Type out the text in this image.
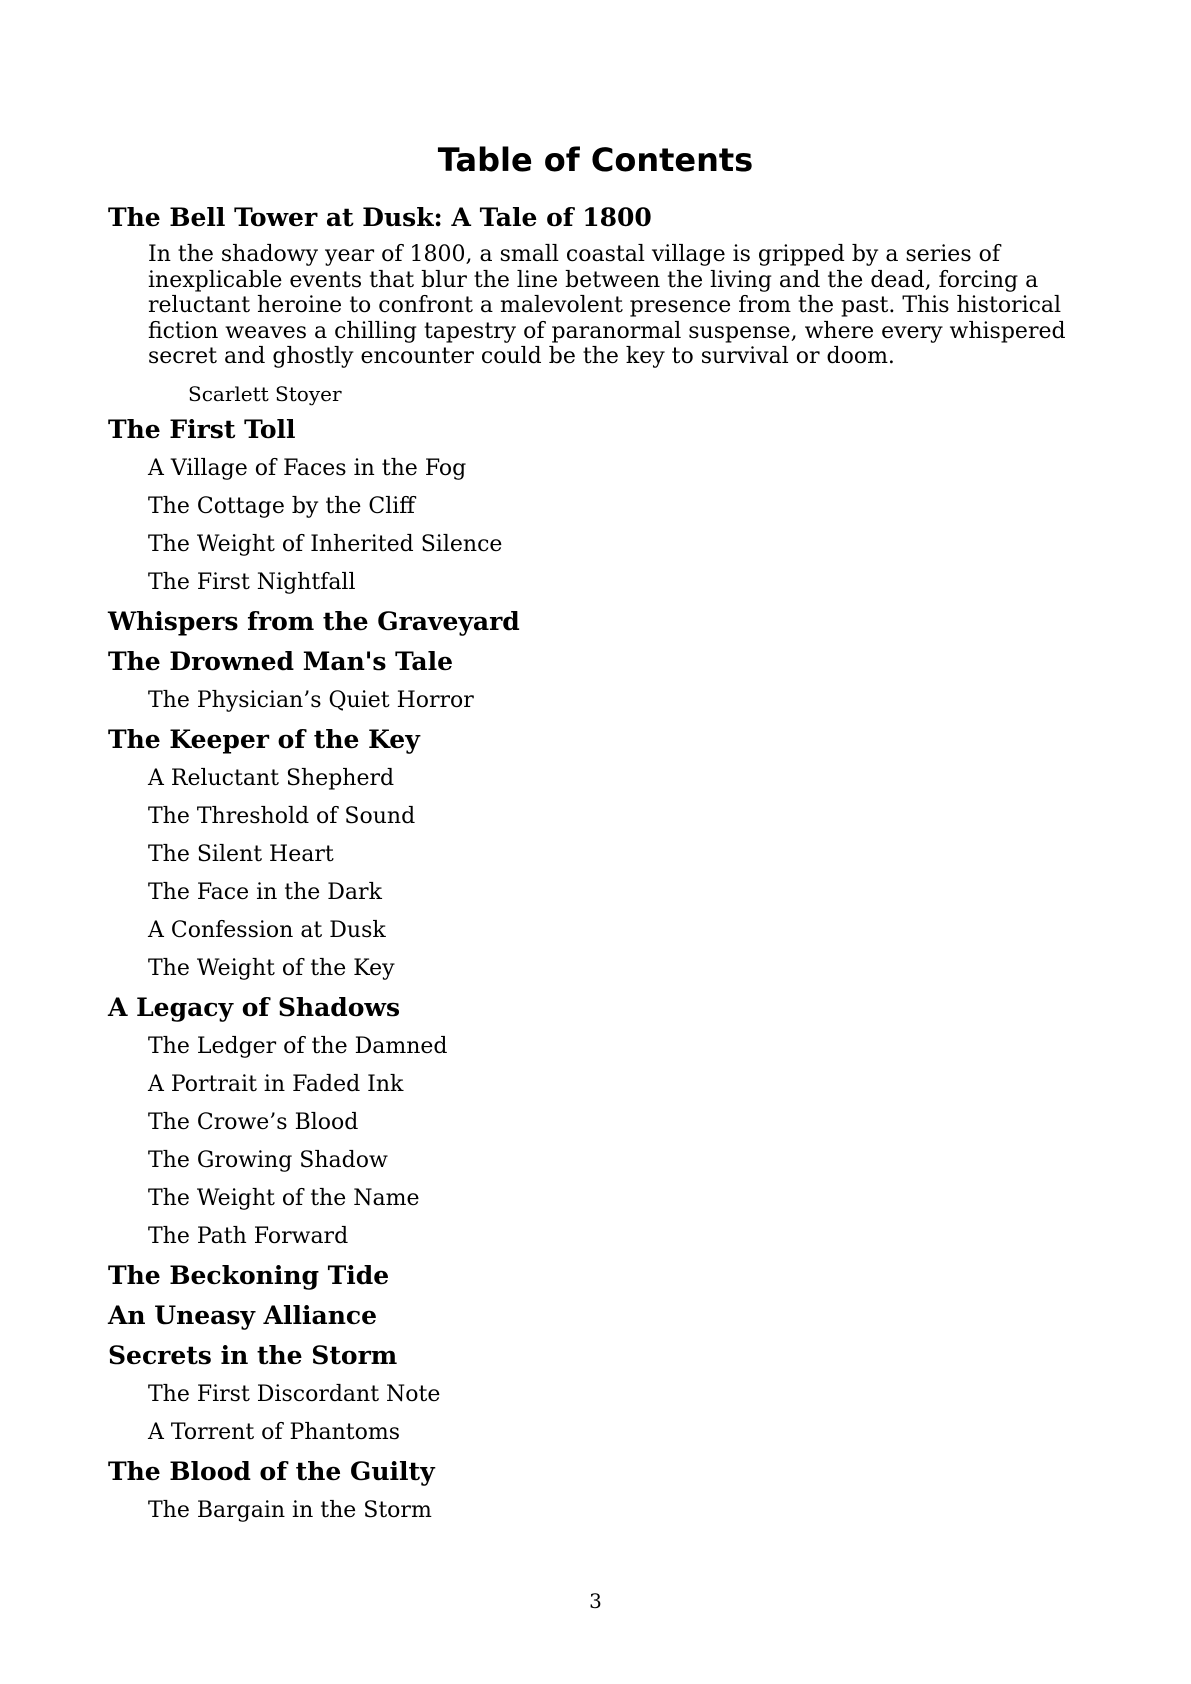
Table of Contents
The Bell Tower at Dusk: A Tale of 1800

In the shadowy year of 1800, a small coastal village is gripped by a series of inexplicable events that blur the line between the living and the dead, forcing a reluctant heroine to confront a malevolent presence from the past. This historical fiction weaves a chilling tapestry of paranormal suspense, where every whispered secret and ghostly encounter could be the key to survival or doom.

Scarlett Stoyer
The First Toll
A Village of Faces in the Fog
The Cottage by the Cliff
The Weight of Inherited Silence
The First Nightfall
Whispers from the Graveyard
The Drowned Man's Tale
The Physician’s Quiet Horror
The Keeper of the Key
A Reluctant Shepherd
The Threshold of Sound
The Silent Heart
The Face in the Dark
A Confession at Dusk
The Weight of the Key
A Legacy of Shadows
The Ledger of the Damned
A Portrait in Faded Ink
The Crowe’s Blood
The Growing Shadow
The Weight of the Name
The Path Forward
The Beckoning Tide
An Uneasy Alliance
Secrets in the Storm
The First Discordant Note
A Torrent of Phantoms
The Blood of the Guilty
The Bargain in the Storm
3
